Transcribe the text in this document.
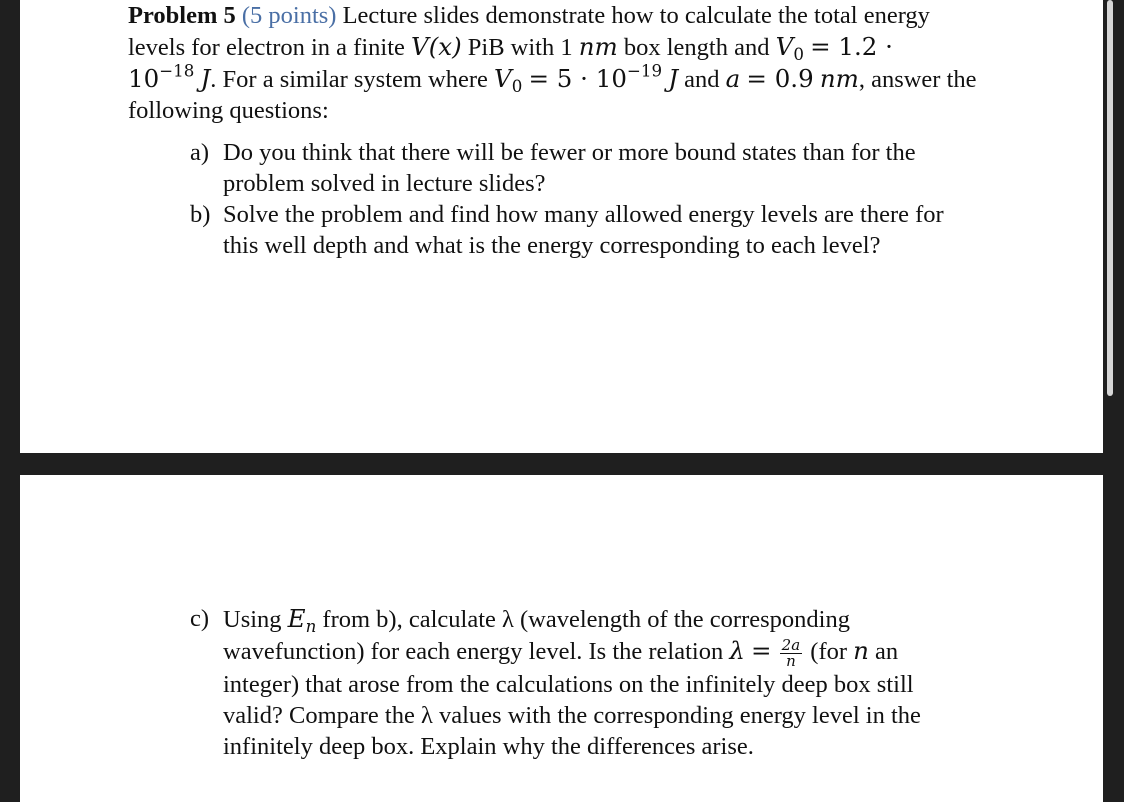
Problem 5 (5 points) Lecture slides demonstrate how to calculate the total energy
levels for electron in a finite V(x) PiB with 1 nm box length and $V_0 = 1.2$ ·
$10^{-18}$ J. For a similar system where $V_0 = 5 \cdot 10^{-19}$ J and a = 0.9 nm, answer the
following questions:
a) Do you think that there will be fewer or more bound states than for the
problem solved in lecture slides?
b) Solve the problem and find how many allowed energy levels are there for
this well depth and what is the energy corresponding to each level?
c) Using $E_n$ from b), calculate λ (wavelength of the corresponding
wavefunction) for each energy level. Is the relation $\lambda = \frac{2a}{n} (for$ n an
integer) that arose from the calculations on the infinitely deep box still
valid? Compare the λ values with the corresponding energy level in the
infinitely deep box. Explain why the differences arise.
